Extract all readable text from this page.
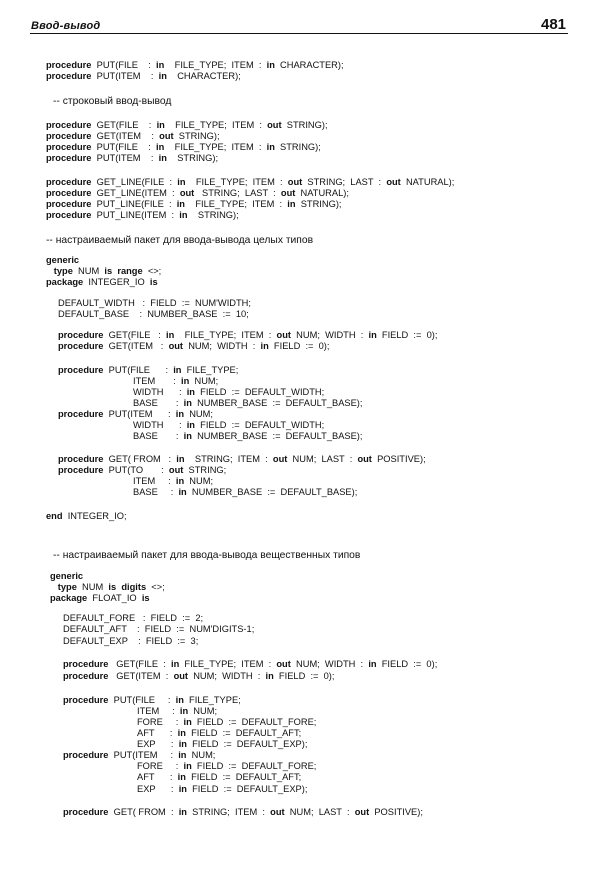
Ввод-вывод	481
procedure  PUT(FILE    :  in    FILE_TYPE;  ITEM  :  in  CHARACTER);
procedure  PUT(ITEM    :  in    CHARACTER);
-- строковый ввод-вывод
procedure  GET(FILE    :  in    FILE_TYPE;  ITEM  :  out  STRING);
procedure  GET(ITEM    :  out  STRING);
procedure  PUT(FILE    :  in    FILE_TYPE;  ITEM  :  in  STRING);
procedure  PUT(ITEM    :  in    STRING);
procedure  GET_LINE(FILE  :  in    FILE_TYPE;  ITEM  :  out  STRING;  LAST  :  out  NATURAL);
procedure  GET_LINE(ITEM  :  out   STRING;  LAST  :  out  NATURAL);
procedure  PUT_LINE(FILE  :  in    FILE_TYPE;  ITEM  :  in  STRING);
procedure  PUT_LINE(ITEM  :  in    STRING);
-- настраиваемый пакет для ввода-вывода целых типов
generic
type  NUM  is range  <>;
package  INTEGER_IO  is
DEFAULT_WIDTH   :  FIELD  :=  NUM'WIDTH;
DEFAULT_BASE    :  NUMBER_BASE  :=  10;
procedure  GET(FILE   :  in    FILE_TYPE;  ITEM  :  out  NUM;  WIDTH  :  in  FIELD  :=  0);
procedure  GET(ITEM   :  out  NUM;  WIDTH  :  in  FIELD  :=  0);
procedure  PUT(FILE      :  in  FILE_TYPE;
ITEM       :  in  NUM;
WIDTH      :  in  FIELD  :=  DEFAULT_WIDTH;
BASE       :  in  NUMBER_BASE  :=  DEFAULT_BASE);
procedure  PUT(ITEM      :  in  NUM;
WIDTH      :  in  FIELD  :=  DEFAULT_WIDTH;
BASE       :  in  NUMBER_BASE  :=  DEFAULT_BASE);
procedure  GET( FROM   :  in    STRING;  ITEM  :  out  NUM;  LAST  :  out  POSITIVE);
procedure  PUT(TO       :  out  STRING;
ITEM     :  in  NUM;
BASE     :  in  NUMBER_BASE  :=  DEFAULT_BASE);
end  INTEGER_IO;
-- настраиваемый пакет для ввода-вывода вещественных типов
generic
type  NUM  is digits  <>;
package  FLOAT_IO  is
DEFAULT_FORE   :  FIELD  :=  2;
DEFAULT_AFT    :  FIELD  :=  NUM'DIGITS-1;
DEFAULT_EXP    :  FIELD  :=  3;
procedure   GET(FILE  :  in  FILE_TYPE;  ITEM  :  out  NUM;  WIDTH  :  in  FIELD  :=  0);
procedure   GET(ITEM  :  out  NUM;  WIDTH  :  in  FIELD  :=  0);
procedure  PUT(FILE     :  in  FILE_TYPE;
ITEM     :  in  NUM;
FORE     :  in  FIELD  :=  DEFAULT_FORE;
AFT      :  in  FIELD  :=  DEFAULT_AFT;
EXP      :  in  FIELD  :=  DEFAULT_EXP);
procedure  PUT(ITEM     :  in  NUM;
FORE     :  in  FIELD  :=  DEFAULT_FORE;
AFT      :  in  FIELD  :=  DEFAULT_AFT;
EXP      :  in  FIELD  :=  DEFAULT_EXP);
procedure  GET( FROM  :  in  STRING;  ITEM  :  out  NUM;  LAST  :  out  POSITIVE);
